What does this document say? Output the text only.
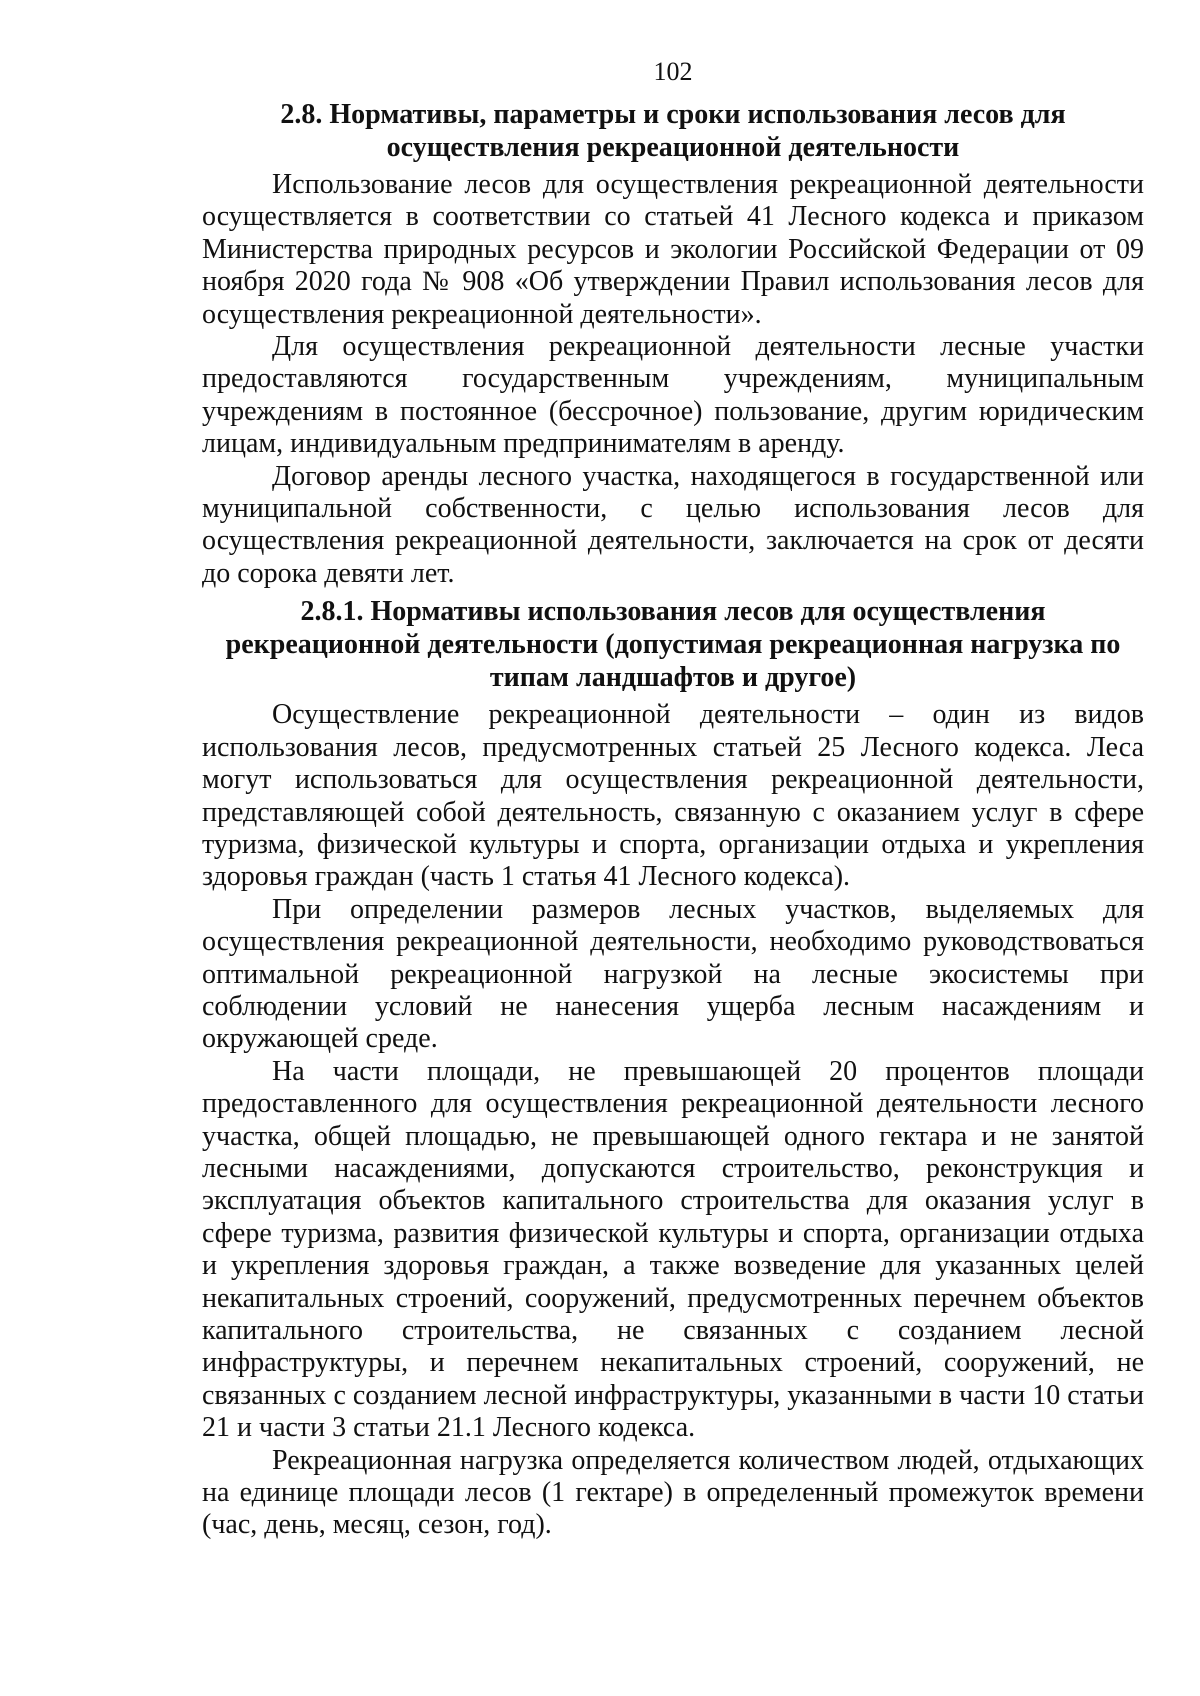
102
2.8. Нормативы, параметры и сроки использования лесов для
осуществления рекреационной деятельности

Использование лесов для осуществления рекреационной деятельности осуществляется в соответствии со статьей 41 Лесного кодекса и приказом Министерства природных ресурсов и экологии Российской Федерации от 09 ноября 2020 года № 908 «Об утверждении Правил использования лесов для осуществления рекреационной деятельности».

Для осуществления рекреационной деятельности лесные участки предоставляются государственным учреждениям, муниципальным учреждениям в постоянное (бессрочное) пользование, другим юридическим лицам, индивидуальным предпринимателям в аренду.

Договор аренды лесного участка, находящегося в государственной или муниципальной собственности, с целью использования лесов для осуществления рекреационной деятельности, заключается на срок от десяти до сорока девяти лет.

2.8.1. Нормативы использования лесов для осуществления
рекреационной деятельности (допустимая рекреационная нагрузка по
типам ландшафтов и другое)

Осуществление рекреационной деятельности – один из видов использования лесов, предусмотренных статьей 25 Лесного кодекса. Леса могут использоваться для осуществления рекреационной деятельности, представляющей собой деятельность, связанную с оказанием услуг в сфере туризма, физической культуры и спорта, организации отдыха и укрепления здоровья граждан (часть 1 статья 41 Лесного кодекса).

При определении размеров лесных участков, выделяемых для осуществления рекреационной деятельности, необходимо руководствоваться оптимальной рекреационной нагрузкой на лесные экосистемы при соблюдении условий не нанесения ущерба лесным насаждениям и окружающей среде.

На части площади, не превышающей 20 процентов площади предоставленного для осуществления рекреационной деятельности лесного участка, общей площадью, не превышающей одного гектара и не занятой лесными насаждениями, допускаются строительство, реконструкция и эксплуатация объектов капитального строительства для оказания услуг в сфере туризма, развития физической культуры и спорта, организации отдыха и укрепления здоровья граждан, а также возведение для указанных целей некапитальных строений, сооружений, предусмотренных перечнем объектов капитального строительства, не связанных с созданием лесной инфраструктуры, и перечнем некапитальных строений, сооружений, не связанных с созданием лесной инфраструктуры, указанными в части 10 статьи 21 и части 3 статьи 21.1 Лесного кодекса.

Рекреационная нагрузка определяется количеством людей, отдыхающих на единице площади лесов (1 гектаре) в определенный промежуток времени (час, день, месяц, сезон, год).
